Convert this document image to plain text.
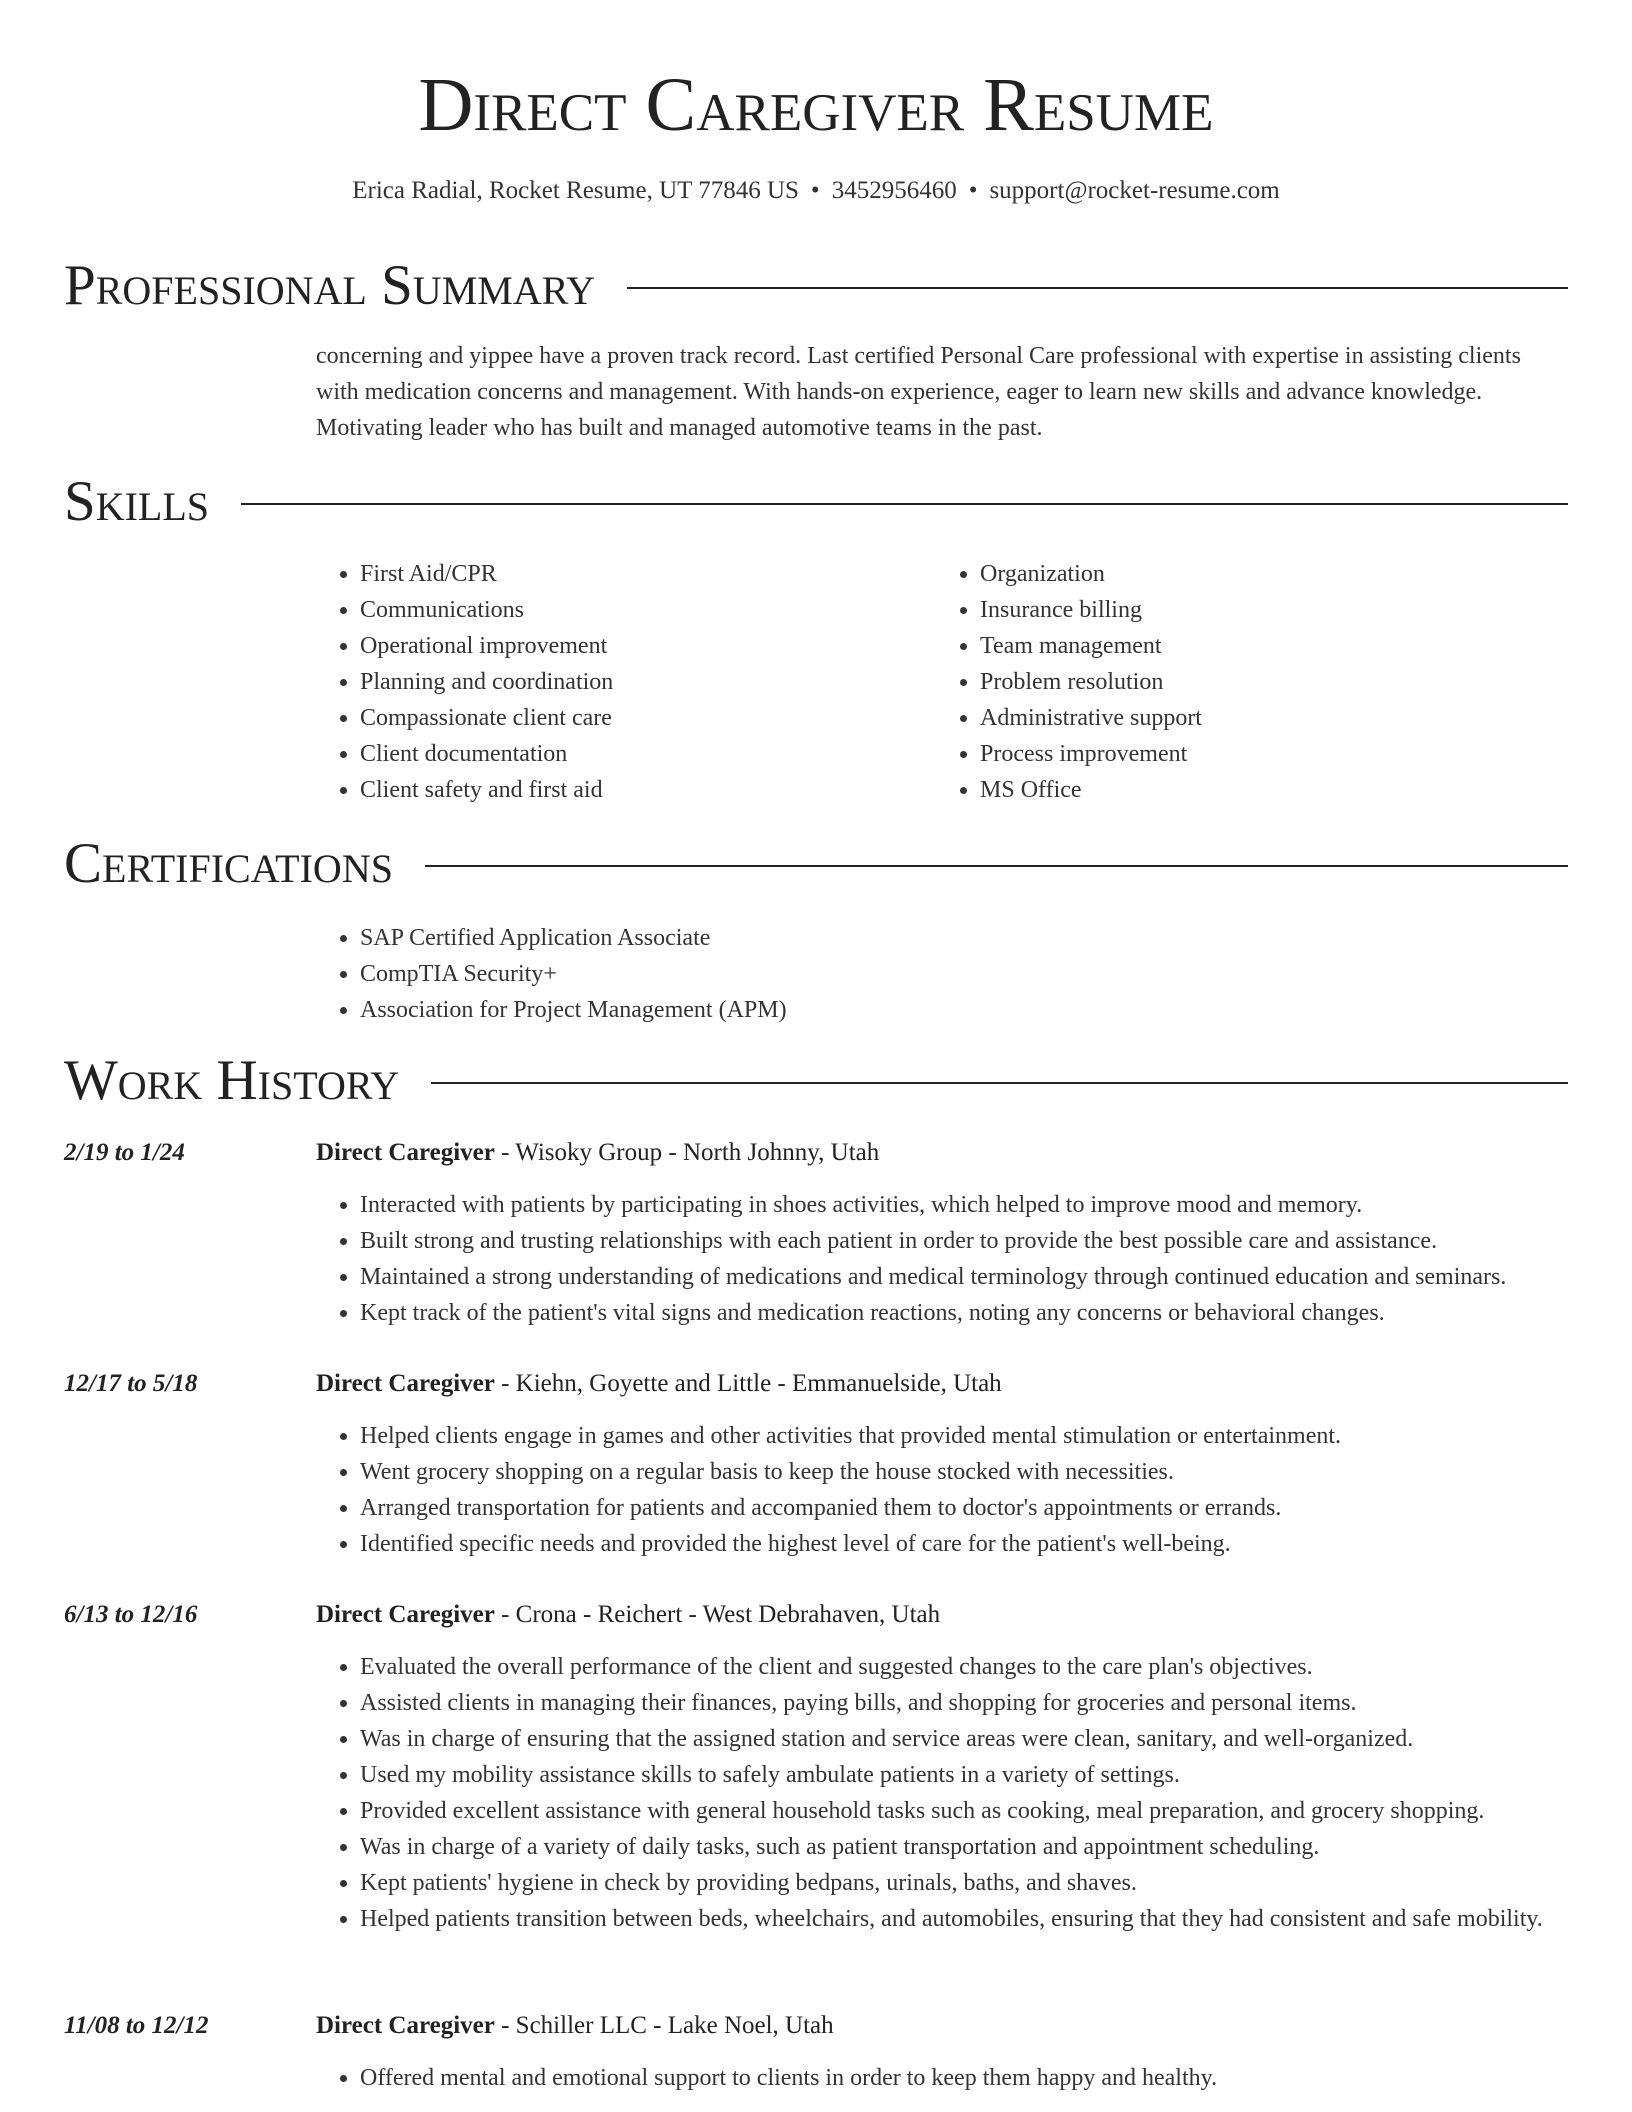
Direct Caregiver Resume
Erica Radial, Rocket Resume, UT 77846 US • 3452956460 • support@rocket-resume.com
Professional Summary

concerning and yippee have a proven track record. Last certified Personal Care professional with expertise in assisting clients with medication concerns and management. With hands-on experience, eager to learn new skills and advance knowledge. Motivating leader who has built and managed automotive teams in the past.

Skills
• First Aid/CPR
• Communications
• Operational improvement
• Planning and coordination
• Compassionate client care
• Client documentation
• Client safety and first aid
• Organization
• Insurance billing
• Team management
• Problem resolution
• Administrative support
• Process improvement
• MS Office
Certifications
• SAP Certified Application Associate
• CompTIA Security+
• Association for Project Management (APM)
Work History
2/19 to 1/24	Direct Caregiver - Wisoky Group - North Johnny, Utah
• Interacted with patients by participating in shoes activities, which helped to improve mood and memory.
• Built strong and trusting relationships with each patient in order to provide the best possible care and assistance.
• Maintained a strong understanding of medications and medical terminology through continued education and seminars.
• Kept track of the patient's vital signs and medication reactions, noting any concerns or behavioral changes.
12/17 to 5/18	Direct Caregiver - Kiehn, Goyette and Little - Emmanuelside, Utah
• Helped clients engage in games and other activities that provided mental stimulation or entertainment.
• Went grocery shopping on a regular basis to keep the house stocked with necessities.
• Arranged transportation for patients and accompanied them to doctor's appointments or errands.
• Identified specific needs and provided the highest level of care for the patient's well-being.
6/13 to 12/16	Direct Caregiver - Crona - Reichert - West Debrahaven, Utah
• Evaluated the overall performance of the client and suggested changes to the care plan's objectives.
• Assisted clients in managing their finances, paying bills, and shopping for groceries and personal items.
• Was in charge of ensuring that the assigned station and service areas were clean, sanitary, and well-organized.
• Used my mobility assistance skills to safely ambulate patients in a variety of settings.
• Provided excellent assistance with general household tasks such as cooking, meal preparation, and grocery shopping.
• Was in charge of a variety of daily tasks, such as patient transportation and appointment scheduling.
• Kept patients' hygiene in check by providing bedpans, urinals, baths, and shaves.
• Helped patients transition between beds, wheelchairs, and automobiles, ensuring that they had consistent and safe mobility.
11/08 to 12/12	Direct Caregiver - Schiller LLC - Lake Noel, Utah
• Offered mental and emotional support to clients in order to keep them happy and healthy.
